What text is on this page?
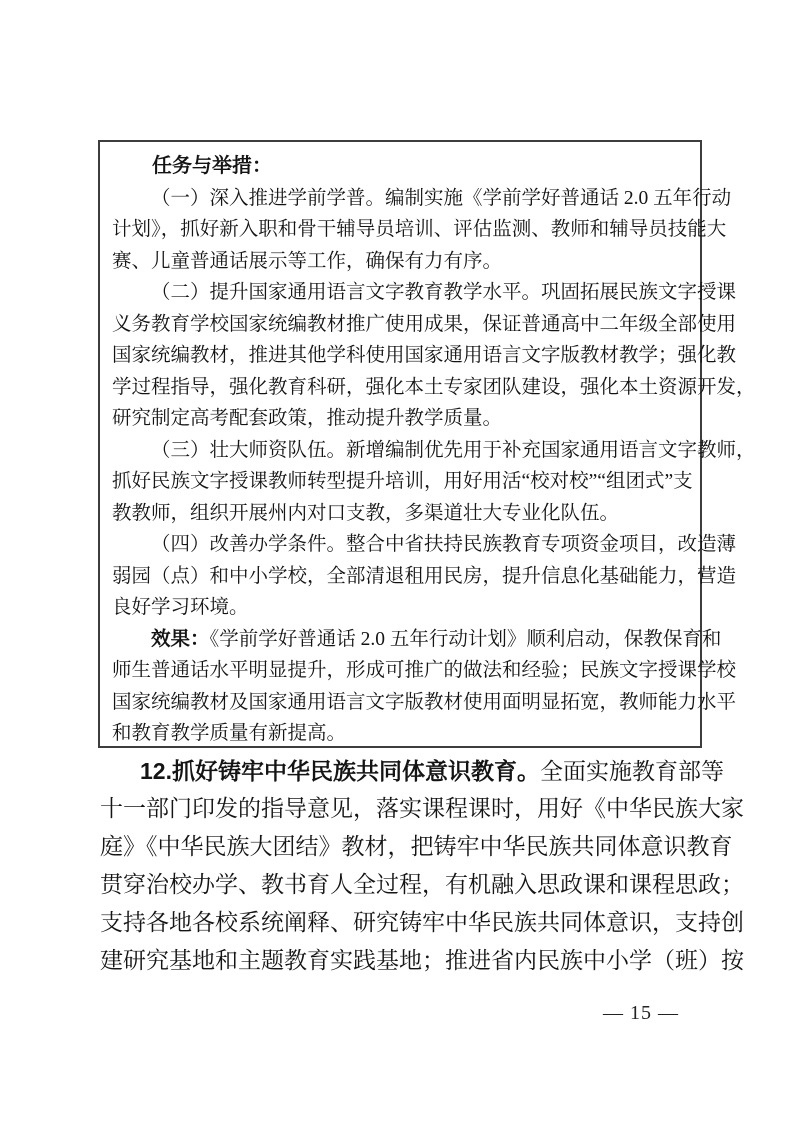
任务与举措：
（一）深入推进学前学普。编制实施《学前学好普通话 2.0 五年行动
计划》，抓好新入职和骨干辅导员培训、评估监测、教师和辅导员技能大
赛、儿童普通话展示等工作，确保有力有序。
（二）提升国家通用语言文字教育教学水平。巩固拓展民族文字授课
义务教育学校国家统编教材推广使用成果，保证普通高中二年级全部使用
国家统编教材，推进其他学科使用国家通用语言文字版教材教学；强化教
学过程指导，强化教育科研，强化本土专家团队建设，强化本土资源开发，
研究制定高考配套政策，推动提升教学质量。
（三）壮大师资队伍。新增编制优先用于补充国家通用语言文字教师，
抓好民族文字授课教师转型提升培训，用好用活“校对校”“组团式”支
教教师，组织开展州内对口支教，多渠道壮大专业化队伍。
（四）改善办学条件。整合中省扶持民族教育专项资金项目，改造薄
弱园（点）和中小学校，全部清退租用民房，提升信息化基础能力，营造
良好学习环境。
效果：《学前学好普通话 2.0 五年行动计划》顺利启动，保教保育和
师生普通话水平明显提升，形成可推广的做法和经验；民族文字授课学校
国家统编教材及国家通用语言文字版教材使用面明显拓宽，教师能力水平
和教育教学质量有新提高。
12.抓好铸牢中华民族共同体意识教育。全面实施教育部等
十一部门印发的指导意见，落实课程课时，用好《中华民族大家
庭》《中华民族大团结》教材，把铸牢中华民族共同体意识教育
贯穿治校办学、教书育人全过程，有机融入思政课和课程思政；
支持各地各校系统阐释、研究铸牢中华民族共同体意识，支持创
建研究基地和主题教育实践基地；推进省内民族中小学（班）按
— 15 —
